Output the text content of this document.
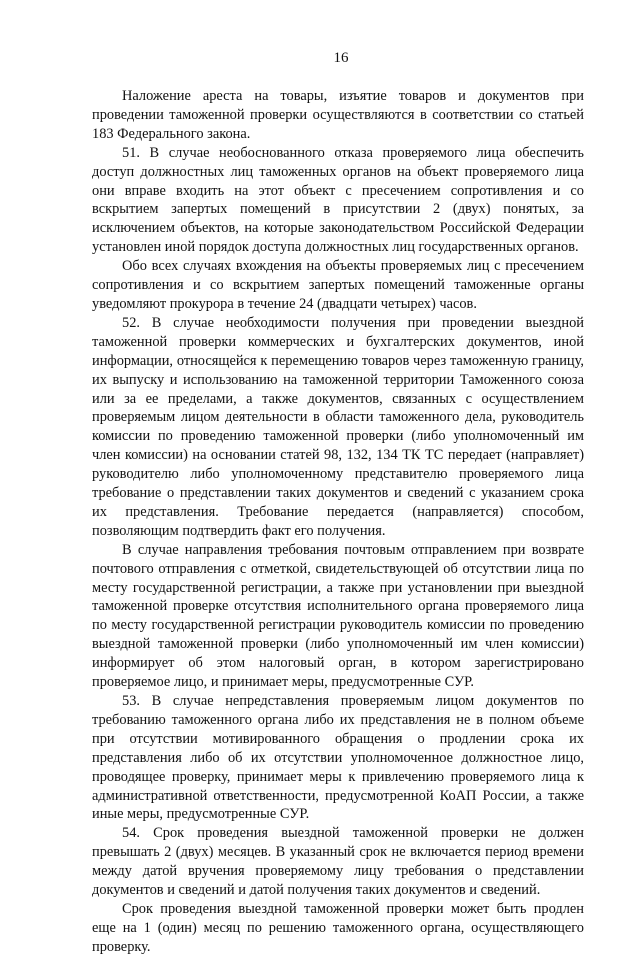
16

Наложение ареста на товары, изъятие товаров и документов при проведении таможенной проверки осуществляются в соответствии со статьей 183 Федерального закона.

51. В случае необоснованного отказа проверяемого лица обеспечить доступ должностных лиц таможенных органов на объект проверяемого лица они вправе входить на этот объект с пресечением сопротивления и со вскрытием запертых помещений в присутствии 2 (двух) понятых, за исключением объектов, на которые законодательством Российской Федерации установлен иной порядок доступа должностных лиц государственных органов.

Обо всех случаях вхождения на объекты проверяемых лиц с пресечением сопротивления и со вскрытием запертых помещений таможенные органы уведомляют прокурора в течение 24 (двадцати четырех) часов.

52. В случае необходимости получения при проведении выездной таможенной проверки коммерческих и бухгалтерских документов, иной информации, относящейся к перемещению товаров через таможенную границу, их выпуску и использованию на таможенной территории Таможенного союза или за ее пределами, а также документов, связанных с осуществлением проверяемым лицом деятельности в области таможенного дела, руководитель комиссии по проведению таможенной проверки (либо уполномоченный им член комиссии) на основании статей 98, 132, 134 ТК ТС передает (направляет) руководителю либо уполномоченному представителю проверяемого лица требование о представлении таких документов и сведений с указанием срока их представления. Требование передается (направляется) способом, позволяющим подтвердить факт его получения.

В случае направления требования почтовым отправлением при возврате почтового отправления с отметкой, свидетельствующей об отсутствии лица по месту государственной регистрации, а также при установлении при выездной таможенной проверке отсутствия исполнительного органа проверяемого лица по месту государственной регистрации руководитель комиссии по проведению выездной таможенной проверки (либо уполномоченный им член комиссии) информирует об этом налоговый орган, в котором зарегистрировано проверяемое лицо, и принимает меры, предусмотренные СУР.

53. В случае непредставления проверяемым лицом документов по требованию таможенного органа либо их представления не в полном объеме при отсутствии мотивированного обращения о продлении срока их представления либо об их отсутствии уполномоченное должностное лицо, проводящее проверку, принимает меры к привлечению проверяемого лица к административной ответственности, предусмотренной КоАП России, а также иные меры, предусмотренные СУР.

54. Срок проведения выездной таможенной проверки не должен превышать 2 (двух) месяцев. В указанный срок не включается период времени между датой вручения проверяемому лицу требования о представлении документов и сведений и датой получения таких документов и сведений.

Срок проведения выездной таможенной проверки может быть продлен еще на 1 (один) месяц по решению таможенного органа, осуществляющего проверку.
